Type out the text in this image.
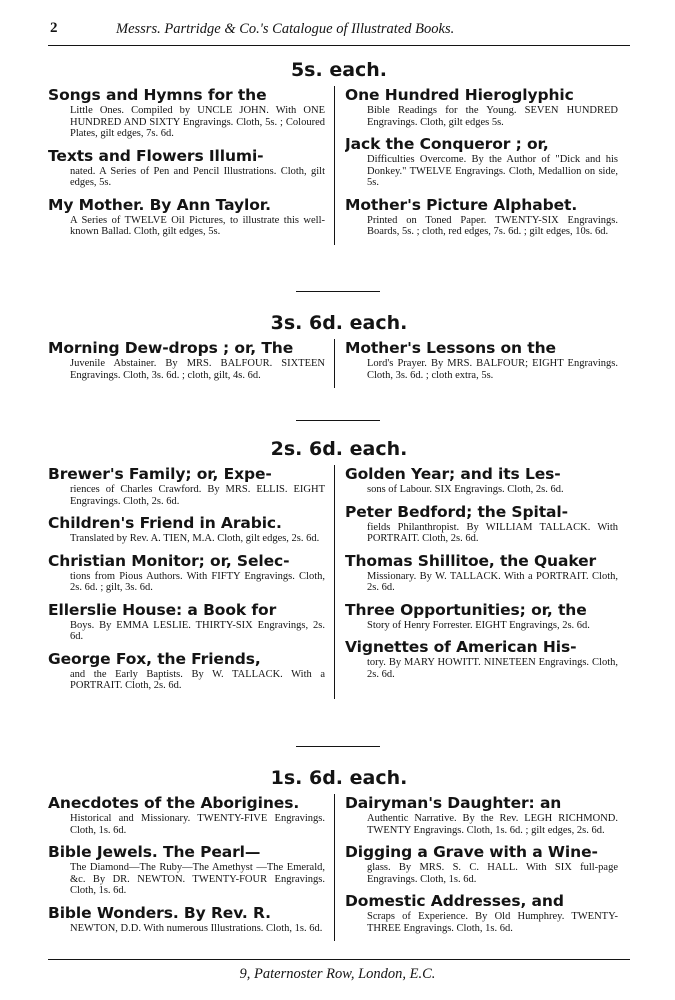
2	Messrs. Partridge & Co.'s Catalogue of Illustrated Books.
5s. each.
Songs and Hymns for the
Little Ones. Compiled by UNCLE JOHN. With ONE HUNDRED AND SIXTY Engravings. Cloth, 5s. ; Coloured Plates, gilt edges, 7s. 6d.
Texts and Flowers Illumi-
nated. A Series of Pen and Pencil Illustrations. Cloth, gilt edges, 5s.
My Mother. By Ann Taylor.
A Series of TWELVE Oil Pictures, to illustrate this well-known Ballad. Cloth, gilt edges, 5s.
One Hundred Hieroglyphic
Bible Readings for the Young. SEVEN HUNDRED Engravings. Cloth, gilt edges 5s.
Jack the Conqueror ; or,
Difficulties Overcome. By the Author of "Dick and his Donkey." TWELVE Engravings. Cloth, Medallion on side, 5s.
Mother's Picture Alphabet.
Printed on Toned Paper. TWENTY-SIX Engravings. Boards, 5s. ; cloth, red edges, 7s. 6d. ; gilt edges, 10s. 6d.
3s. 6d. each.
Morning Dew-drops ; or, The
Juvenile Abstainer. By MRS. BALFOUR. SIXTEEN Engravings. Cloth, 3s. 6d. ; cloth, gilt, 4s. 6d.
Mother's Lessons on the
Lord's Prayer. By MRS. BALFOUR; EIGHT Engravings. Cloth, 3s. 6d. ; cloth extra, 5s.
2s. 6d. each.
Brewer's Family; or, Expe-
riences of Charles Crawford. By MRS. ELLIS. EIGHT Engravings. Cloth, 2s. 6d.
Children's Friend in Arabic.
Translated by Rev. A. TIEN, M.A. Cloth, gilt edges, 2s. 6d.
Christian Monitor; or, Selec-
tions from Pious Authors. With FIFTY Engravings. Cloth, 2s. 6d. ; gilt, 3s. 6d.
Ellerslie House: a Book for
Boys. By EMMA LESLIE. THIRTY-SIX Engravings, 2s. 6d.
George Fox, the Friends,
and the Early Baptists. By W. TALLACK. With a PORTRAIT. Cloth, 2s. 6d.
Golden Year; and its Les-
sons of Labour. SIX Engravings. Cloth, 2s. 6d.
Peter Bedford; the Spital-
fields Philanthropist. By WILLIAM TALLACK. With PORTRAIT. Cloth, 2s. 6d.
Thomas Shillitoe, the Quaker
Missionary. By W. TALLACK. With a PORTRAIT. Cloth, 2s. 6d.
Three Opportunities; or, the
Story of Henry Forrester. EIGHT Engravings, 2s. 6d.
Vignettes of American His-
tory. By MARY HOWITT. NINETEEN Engravings. Cloth, 2s. 6d.
1s. 6d. each.
Anecdotes of the Aborigines.
Historical and Missionary. TWENTY-FIVE Engravings. Cloth, 1s. 6d.
Bible Jewels. The Pearl—
The Diamond—The Ruby—The Amethyst —The Emerald, &c. By DR. NEWTON. TWENTY-FOUR Engravings. Cloth, 1s. 6d.
Bible Wonders. By Rev. R.
NEWTON, D.D. With numerous Illustrations. Cloth, 1s. 6d.
Dairyman's Daughter: an
Authentic Narrative. By the Rev. LEGH RICHMOND. TWENTY Engravings. Cloth, 1s. 6d. ; gilt edges, 2s. 6d.
Digging a Grave with a Wine-
glass. By MRS. S. C. HALL. With SIX full-page Engravings. Cloth, 1s. 6d.
Domestic Addresses, and
Scraps of Experience. By Old Humphrey. TWENTY-THREE Engravings. Cloth, 1s. 6d.
9, Paternoster Row, London, E.C.
